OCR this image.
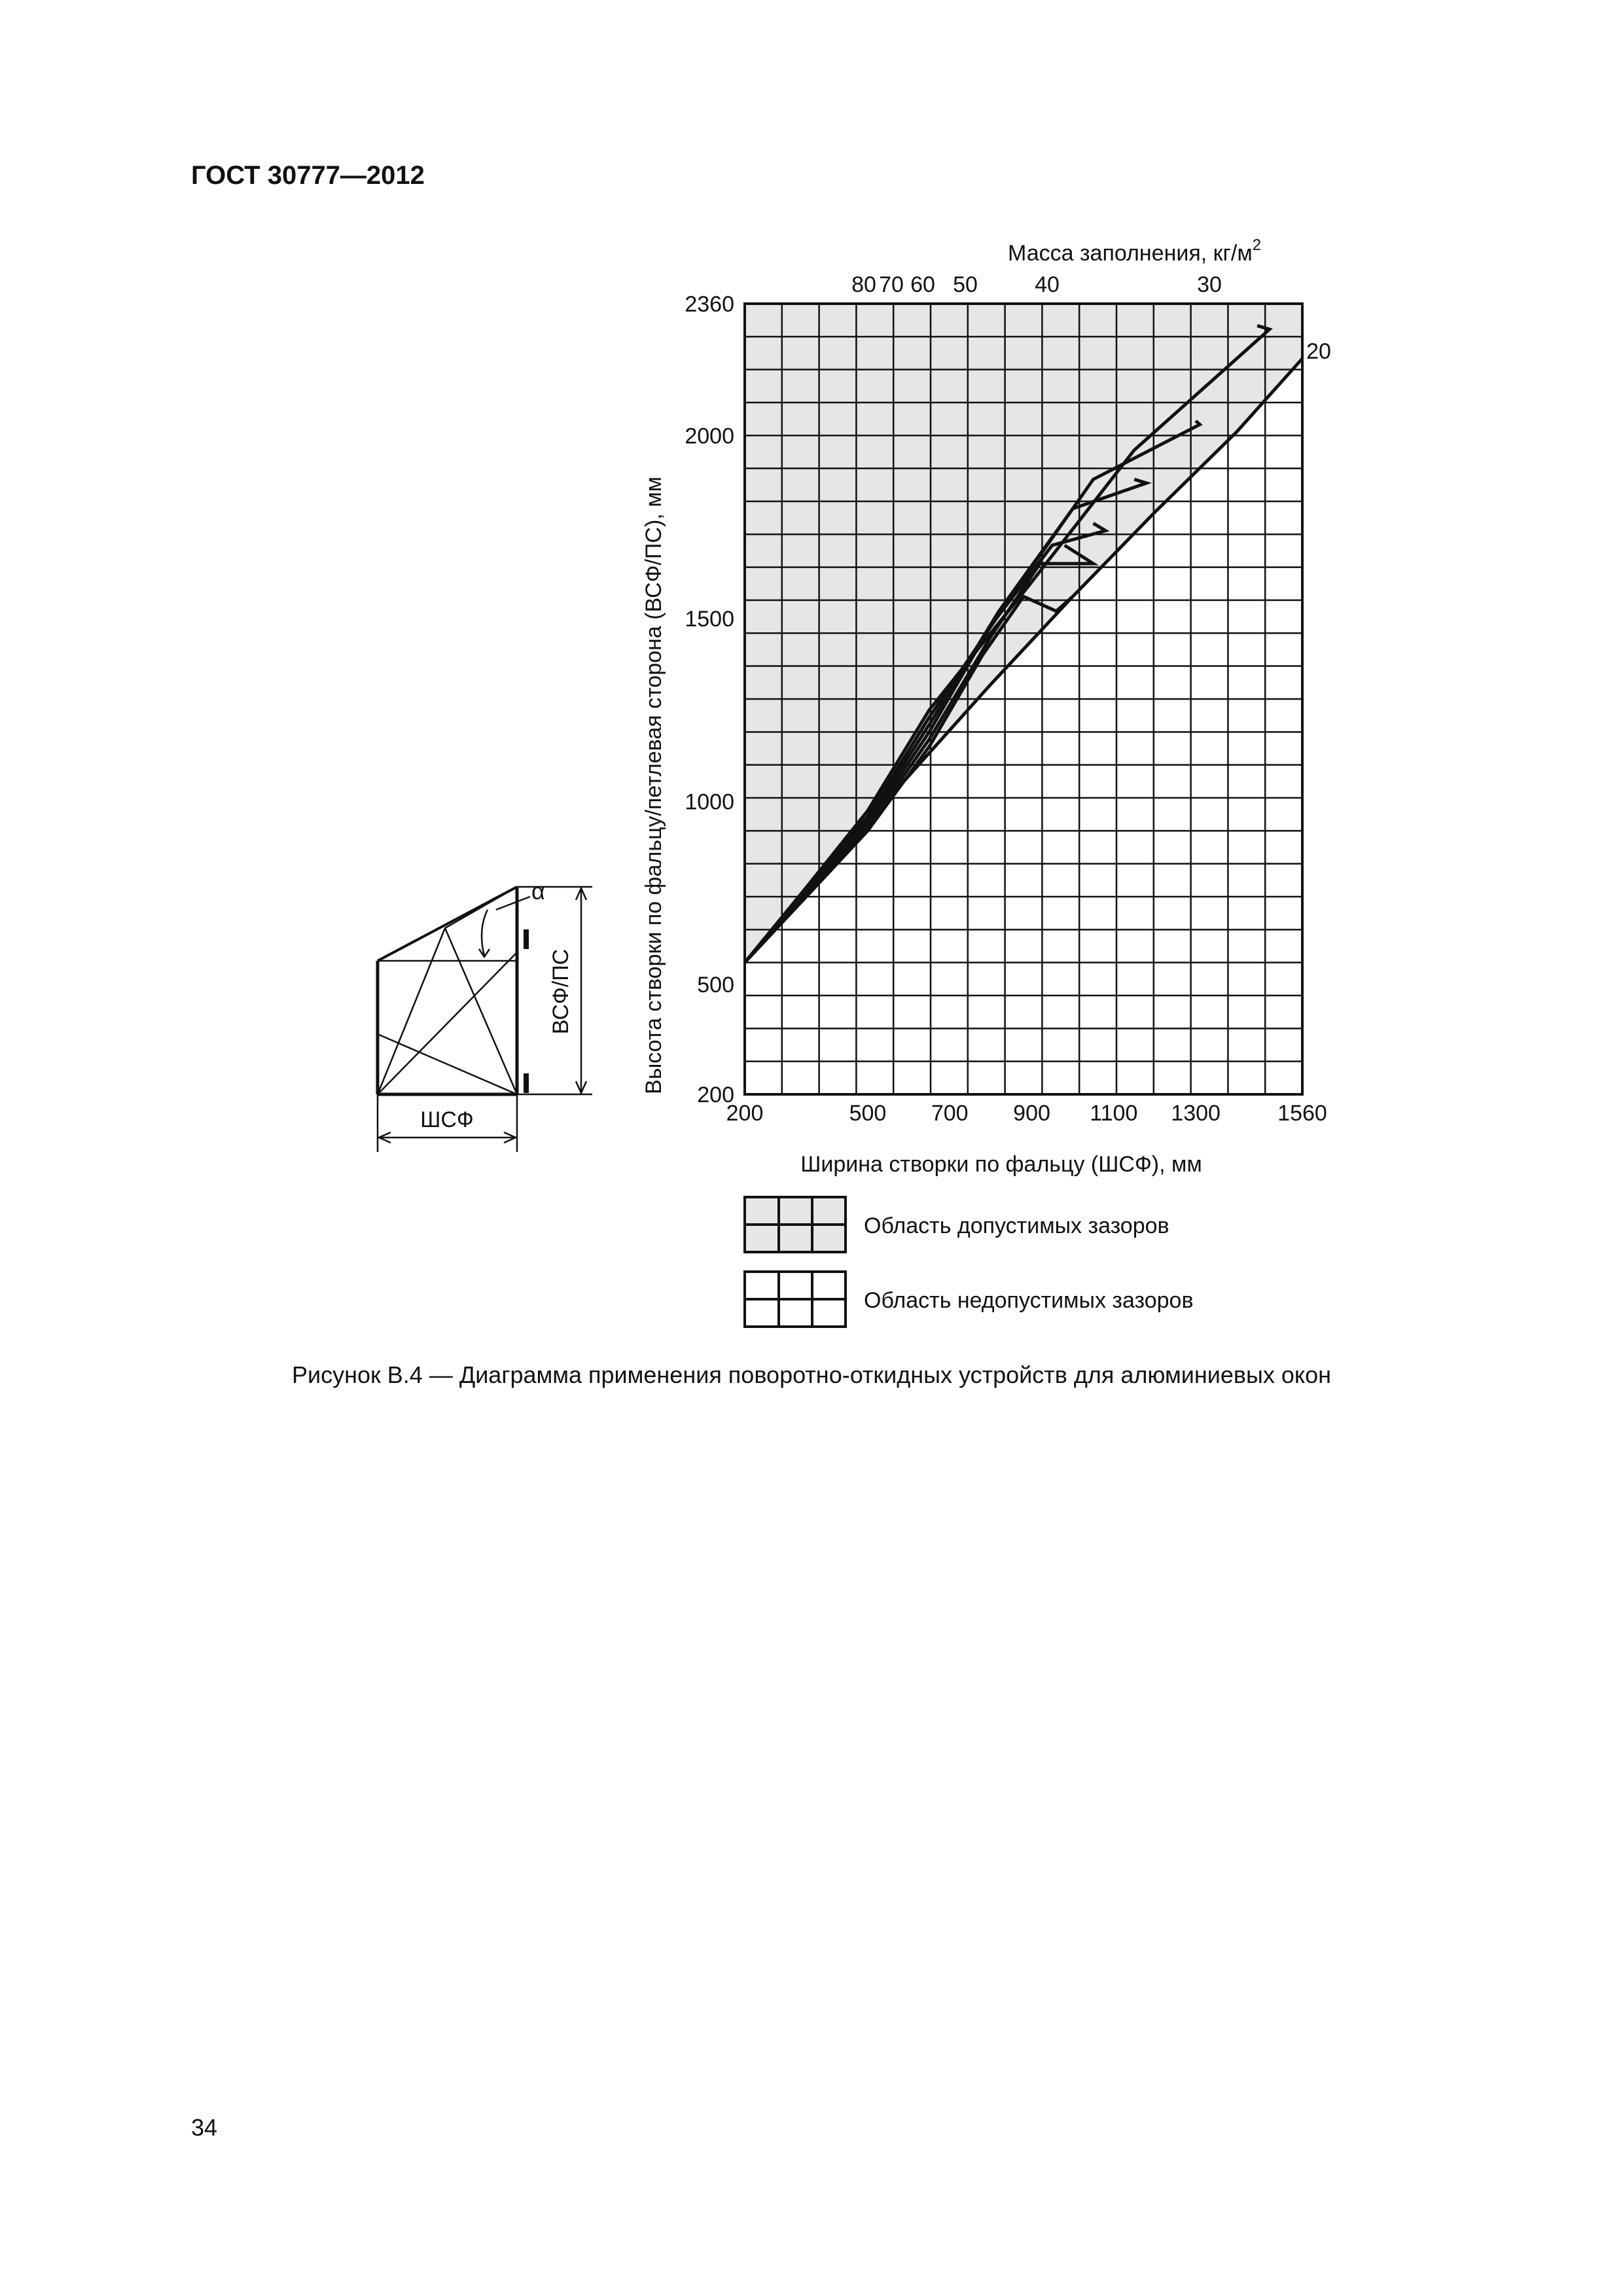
ГОСТ 30777—2012
80 70 60 50	40	30
20
200	500 700 900 1100 1300	1560
200
500
1000
1500
2000
2360
Масса заполнения, $кг/м^2$
Ширина створки по фальцу (ШСФ), мм
Высота створки по фальцу/петлевая сторона (ВСФ/ПС), мм
α
ВСФ/ПС
ШСФ
Область допустимых зазоров
Область недопустимых зазоров
Рисунок В.4 — Диаграмма применения поворотно-откидных устройств для алюминиевых окон
34
